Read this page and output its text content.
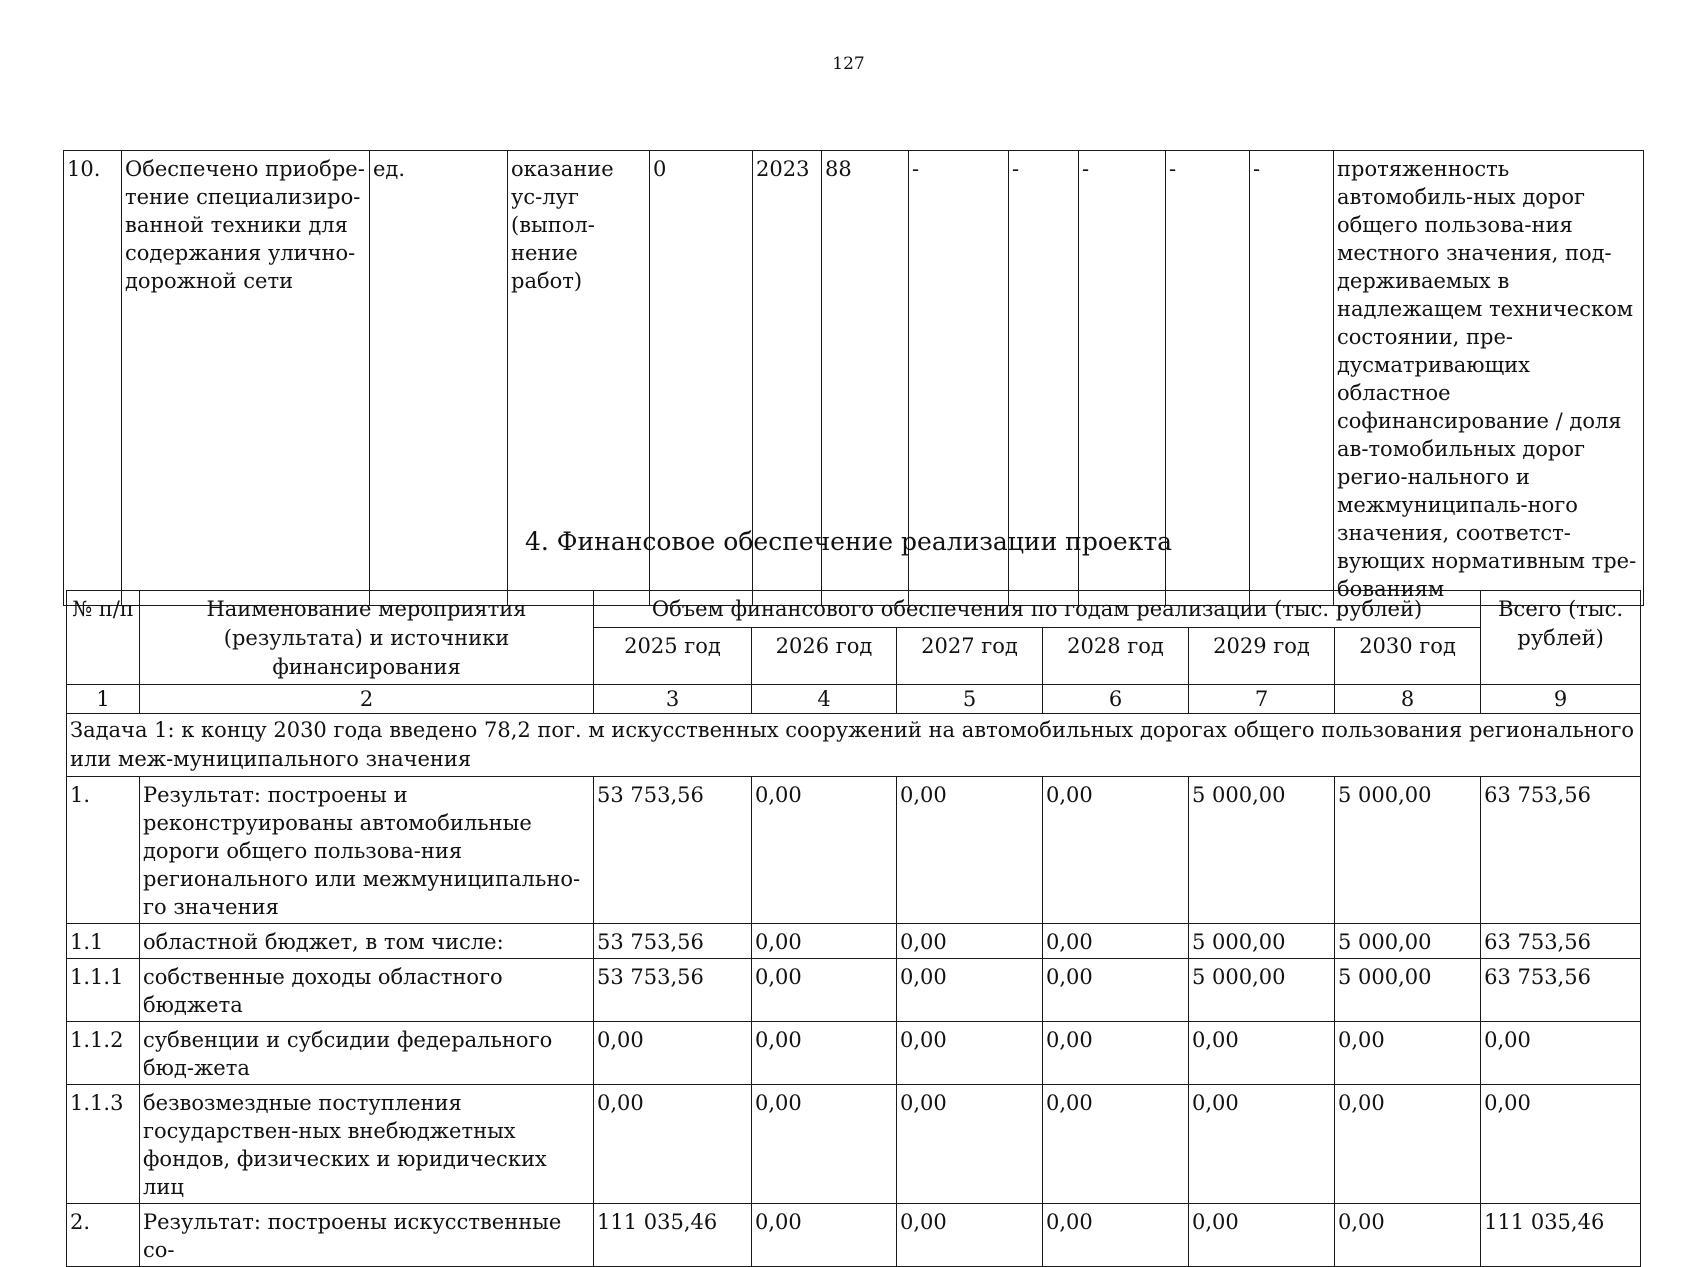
127
10.	Обеспечено приобре-тение специализиро-ванной техники для содержания улично-дорожной сети	ед.	оказание ус-луг (выпол-нение работ)	0	2023	88	-	-	-	-	-	протяженность автомобиль-ных дорог общего пользова-ния местного значения, под-держиваемых в надлежащем техническом состоянии, пре-дусматривающих областное софинансирование / доля ав-томобильных дорог регио-нального и межмуниципаль-ного значения, соответст-вующих нормативным тре-бованиям
4. Финансовое обеспечение реализации проекта
№ п/п	Наименование мероприятия (результата) и источники финансирования	Объем финансового обеспечения по годам реализации (тыс. рублей)						Всего (тыс. рублей)
		2025 год	2026 год	2027 год	2028 год	2029 год	2030 год	
1	2	3	4	5	6	7	8	9
Задача 1: к концу 2030 года введено 78,2 пог. м искусственных сооружений на автомобильных дорогах общего пользования регионального или меж-муниципального значения								
1.	Результат: построены и реконструированы автомобильные дороги общего пользова-ния регионального или межмуниципально-го значения	53 753,56	0,00	0,00	0,00	5 000,00	5 000,00	63 753,56
1.1	областной бюджет, в том числе:	53 753,56	0,00	0,00	0,00	5 000,00	5 000,00	63 753,56
1.1.1	собственные доходы областного бюджета	53 753,56	0,00	0,00	0,00	5 000,00	5 000,00	63 753,56
1.1.2	субвенции и субсидии федерального бюд-жета	0,00	0,00	0,00	0,00	0,00	0,00	0,00
1.1.3	безвозмездные поступления государствен-ных внебюджетных фондов, физических и юридических лиц	0,00	0,00	0,00	0,00	0,00	0,00	0,00
2.	Результат: построены искусственные со-	111 035,46	0,00	0,00	0,00	0,00	0,00	111 035,46
